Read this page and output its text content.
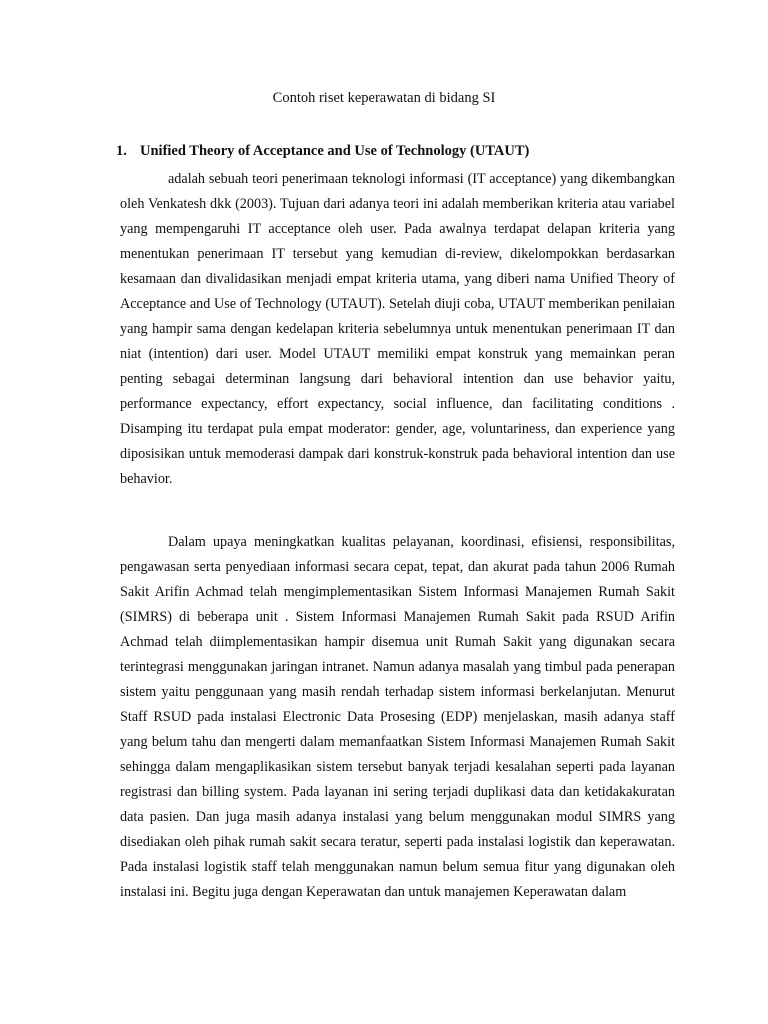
Contoh riset keperawatan di bidang SI
1. Unified Theory of Acceptance and Use of Technology (UTAUT)

adalah sebuah teori penerimaan teknologi informasi (IT acceptance) yang dikembangkan oleh Venkatesh dkk (2003). Tujuan dari adanya teori ini adalah memberikan kriteria atau variabel yang mempengaruhi IT acceptance oleh user. Pada awalnya terdapat delapan kriteria yang menentukan penerimaan IT tersebut yang kemudian di-review, dikelompokkan berdasarkan kesamaan dan divalidasikan menjadi empat kriteria utama, yang diberi nama Unified Theory of Acceptance and Use of Technology (UTAUT). Setelah diuji coba, UTAUT memberikan penilaian yang hampir sama dengan kedelapan kriteria sebelumnya untuk menentukan penerimaan IT dan niat (intention) dari user. Model UTAUT memiliki empat konstruk yang memainkan peran penting sebagai determinan langsung dari behavioral intention dan use behavior yaitu, performance expectancy, effort expectancy, social influence, dan facilitating conditions . Disamping itu terdapat pula empat moderator: gender, age, voluntariness, dan experience yang diposisikan untuk memoderasi dampak dari konstruk-konstruk pada behavioral intention dan use behavior.

Dalam upaya meningkatkan kualitas pelayanan, koordinasi, efisiensi, responsibilitas, pengawasan serta penyediaan informasi secara cepat, tepat, dan akurat pada tahun 2006 Rumah Sakit Arifin Achmad telah mengimplementasikan Sistem Informasi Manajemen Rumah Sakit (SIMRS) di beberapa unit . Sistem Informasi Manajemen Rumah Sakit pada RSUD Arifin Achmad telah diimplementasikan hampir disemua unit Rumah Sakit yang digunakan secara terintegrasi menggunakan jaringan intranet. Namun adanya masalah yang timbul pada penerapan sistem yaitu penggunaan yang masih rendah terhadap sistem informasi berkelanjutan. Menurut Staff RSUD pada instalasi Electronic Data Prosesing (EDP) menjelaskan, masih adanya staff yang belum tahu dan mengerti dalam memanfaatkan Sistem Informasi Manajemen Rumah Sakit sehingga dalam mengaplikasikan sistem tersebut banyak terjadi kesalahan seperti pada layanan registrasi dan billing system. Pada layanan ini sering terjadi duplikasi data dan ketidakakuratan data pasien. Dan juga masih adanya instalasi yang belum menggunakan modul SIMRS yang disediakan oleh pihak rumah sakit secara teratur, seperti pada instalasi logistik dan keperawatan. Pada instalasi logistik staff telah menggunakan namun belum semua fitur yang digunakan oleh instalasi ini. Begitu juga dengan Keperawatan dan untuk manajemen Keperawatan dalam
